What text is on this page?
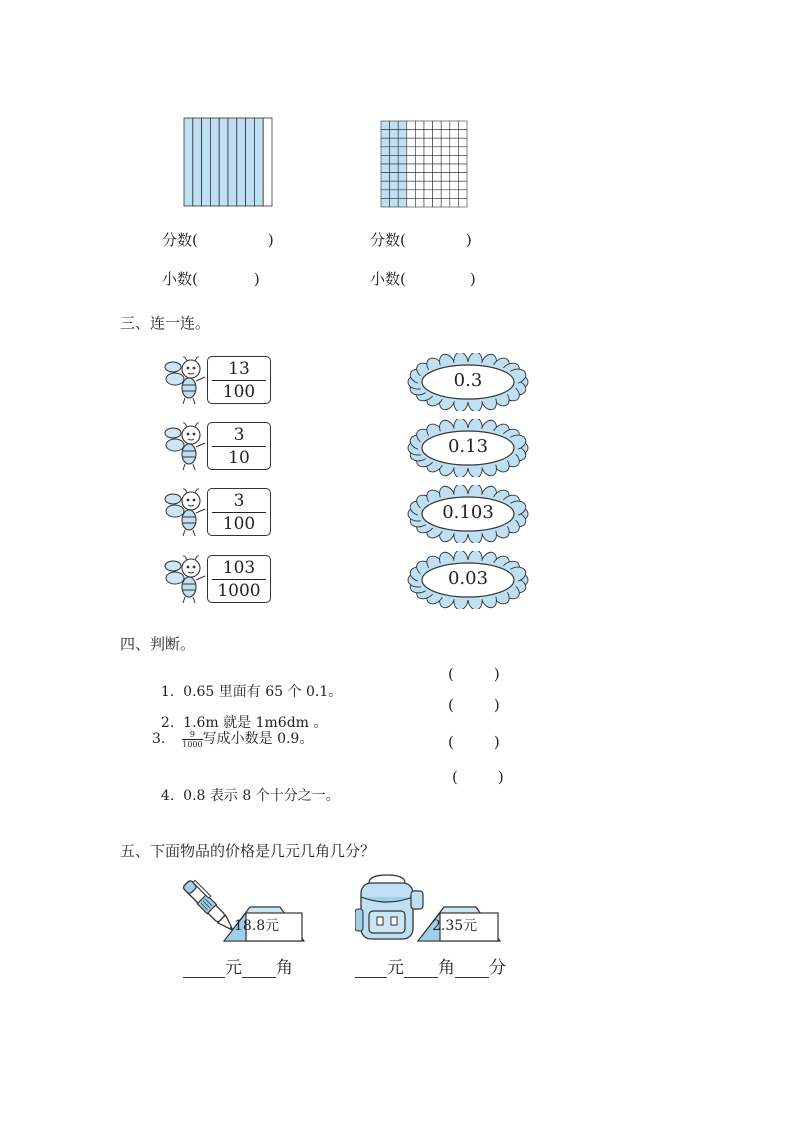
分数(	)	分数(	)
小数(	)	小数(	)
三、连一连。
13
100
3
10
3
100
103
1000
0.3
0.13
0.103
0.03
四、判断。

1. 0.65 里面有 65 个 0.1。

2. 1.6m 就是 1m6dm 。

3. $\frac{9}{1000}$ 写成小数是 0.9。

4. 0.8 表示 8 个十分之一。

(	)
(	)
(	)
(	)
五、下面物品的价格是几元几角几分？
18.8元	2.35元
元 角	元 角 分
